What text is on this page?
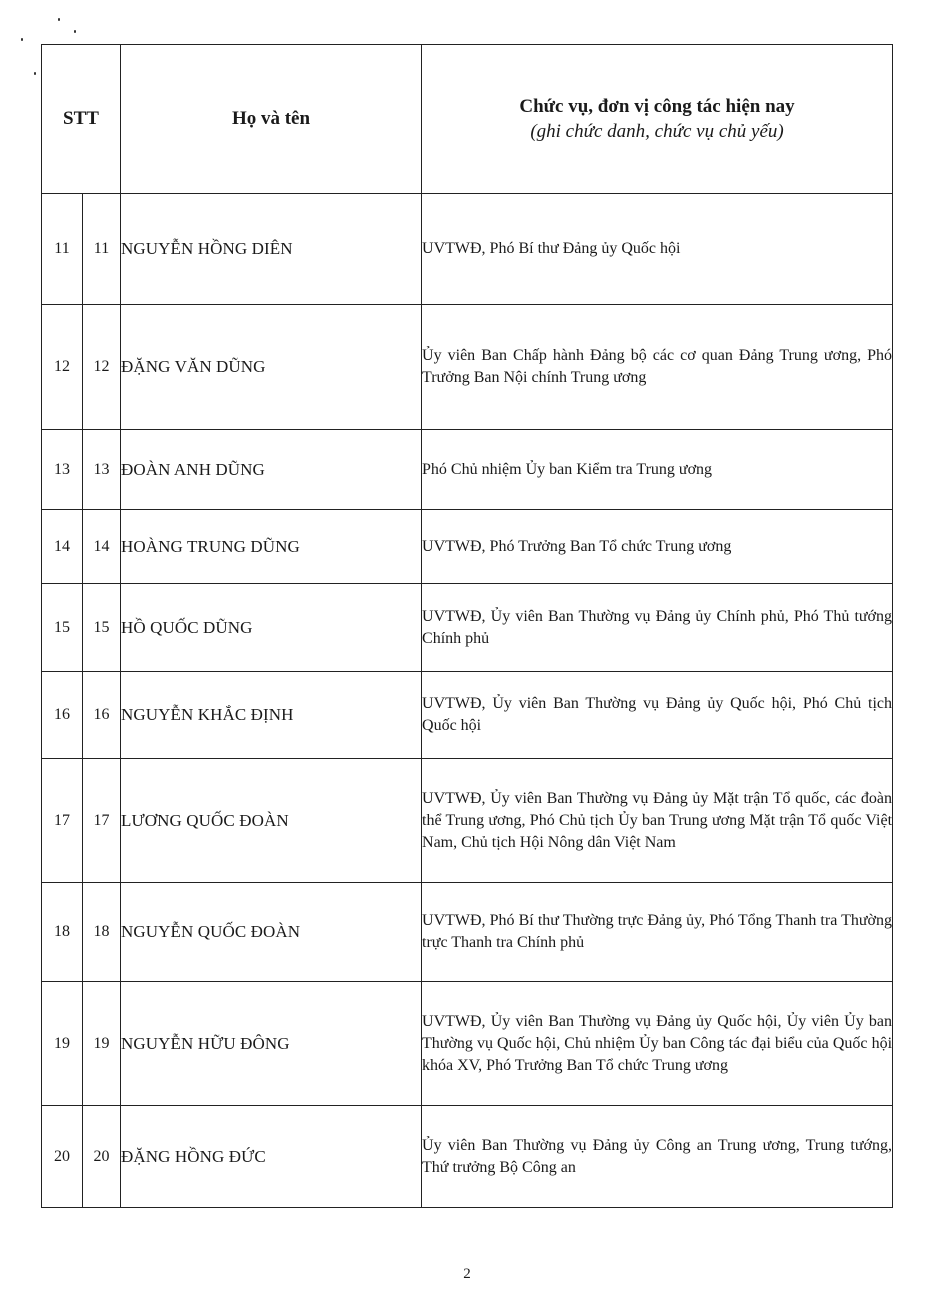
STT		Họ và tên	Chức vụ, đơn vị công tác hiện nay
(ghi chức danh, chức vụ chủ yếu)

11	11	NGUYỄN HỒNG DIÊN	UVTWĐ, Phó Bí thư Đảng ủy Quốc hội
12	12	ĐẶNG VĂN DŨNG	Ủy viên Ban Chấp hành Đảng bộ các cơ quan Đảng Trung ương, Phó Trưởng Ban Nội chính Trung ương
13	13	ĐOÀN ANH DŨNG	Phó Chủ nhiệm Ủy ban Kiểm tra Trung ương
14	14	HOÀNG TRUNG DŨNG	UVTWĐ, Phó Trưởng Ban Tổ chức Trung ương
15	15	HỒ QUỐC DŨNG	UVTWĐ, Ủy viên Ban Thường vụ Đảng ủy Chính phủ, Phó Thủ tướng Chính phủ
16	16	NGUYỄN KHẮC ĐỊNH	UVTWĐ, Ủy viên Ban Thường vụ Đảng ủy Quốc hội, Phó Chủ tịch Quốc hội
17	17	LƯƠNG QUỐC ĐOÀN	UVTWĐ, Ủy viên Ban Thường vụ Đảng ủy Mặt trận Tổ quốc, các đoàn thể Trung ương, Phó Chủ tịch Ủy ban Trung ương Mặt trận Tổ quốc Việt Nam, Chủ tịch Hội Nông dân Việt Nam
18	18	NGUYỄN QUỐC ĐOÀN	UVTWĐ, Phó Bí thư Thường trực Đảng ủy, Phó Tổng Thanh tra Thường trực Thanh tra Chính phủ
19	19	NGUYỄN HỮU ĐÔNG	UVTWĐ, Ủy viên Ban Thường vụ Đảng ủy Quốc hội, Ủy viên Ủy ban Thường vụ Quốc hội, Chủ nhiệm Ủy ban Công tác đại biểu của Quốc hội khóa XV, Phó Trưởng Ban Tổ chức Trung ương
20	20	ĐẶNG HỒNG ĐỨC	Ủy viên Ban Thường vụ Đảng ủy Công an Trung ương, Trung tướng, Thứ trưởng Bộ Công an
2
